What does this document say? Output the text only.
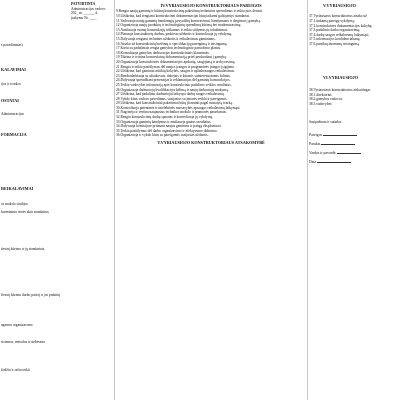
PATVIRTINTA
Administracijos vadovo
202_ m. ______ d.
įsakymu Nr. ____
s pavadinimas)
KALAVIMAI
ijos ir tvarkos
OSTATAI
Administracijos
FORMACIJA
REIKALAVIMAI
os mokslo studijos
kurmininiu teisės aktu standartus;
tiesinį kūrimo ir jų standartais,
fiesinį kūrimo darbo patirtį ir jos praktinį
agamos organizavimo
sistemas, metodus ir stebėsena
žodžiu ir raštu teikti
IV.VYRIAUSIOJO KONSTRUKTORIAUS PAREIGOS

9.Rengia naujų gaminių ir būtinų konstrukcinių pakeitimų techninius sprendimus ir teikia juos derinti.

10.Užtikrina, kad rengiami konstrukcinei dokumentacijai būtų taikomi galiojantys standartai.

11.Vadovauja naujų gaminių bandomųjų pavyzdžių konstravimui, bandymams ir diegimui į gamybą.

12.Organizuoja naujų produktų ir technologinių sprendimų kūrimą bei modernizavimą.

13.Analizuoja esamų konstrukcijų trūkumus ir teikia siūlymus jų tobulinimui.

14.Planuoja konstruktorių darbus, paskirsto užduotis ir kontroliuoja jų vykdymą.

15.Dalyvauja rengiant technines užduotis ir reikalavimus gaminiams.

16.Atsako už konstrukcinių brėžinių ir specifikacijų parengimą ir teisingumą.

17.Kartu su padaliniais rengia gamybos technologinio paruošimo planus.

18.Konsultuoja gamybos darbuotojus konstrukciniais klausimais.

19.Tikrina ir tvirtina konstrukcinę dokumentaciją prieš perduodant į gamybą.

20.Organizuoja konstrukcinės dokumentacijos apskaitą, saugojimą ir archyvavimą.

21.Rengia ir teikia pasiūlymus dėl naujos įrangos ir programinės įrangos įsigijimo.

22.Užtikrina, kad gaminiai atitiktų kokybės, saugos ir aplinkosaugos reikalavimus.

23.Bendradarbiauja su užsakovais, tiekėjais ir kitomis suinteresuotomis šalimis.

24.Dalyvauja sprendžiant pretenzijas ir reklamacijas dėl gaminių konstrukcijos.

25.Teikia vadovybei informaciją apie konstrukcinio padalinio veiklos rezultatus.

26.Organizuoja darbuotojų kvalifikacijos kėlimą ir naujų darbuotojų mokymą.

27.Užtikrina, kad padalinio darbuotojai laikytųsi darbų saugos reikalavimų.

28.Vykdo kitus vadovo pavedimus, susijusius su įmonės veikla ir pareigomis.

29.Užtikrina, kad konstrukciniai pakeitimai būtų įforminti pagal nustatytą tvarką.

30.Kontroliuoja patentinės ir intelektinės nuosavybės apsaugos reikalavimų laikymąsi.

31.Nagrinėja ir vertina naujausius technikos mokslo ir pramonės pasiekimus.

32.Rengia konstrukcinių darbų sąmatas ir kontroliuoja jų vykdymą.

33.Organizuoja gaminių bandymus ir analizuoja gautus rezultatus.

34.Dalyvauja komisijose priimant naujus gaminius ir įrangą eksploatuoti.

35.Teikia pasiūlymus dėl darbo organizavimo ir efektyvumo didinimo.

36.Organizuoja ir vykdo kitas su pareigomis susijusias užduotis.

V.VYRIAUSIOJO KONSTRUKTORIAUS ATSAKOMYBĖ
V.VYRIAUSIOJO
37.Vyriausiasis konstruktorius atsako už
37.1.tinkamą pareigų vykdymą;
37.2.konstrukcinės dokumentacijos kokybę;
37.3.padalinio darbo organizavimą;
37.4.darbų saugos reikalavimų laikymąsi;
37.5.informacijos konfidencialumą;
37.6.pateiktų duomenų teisingumą.
VI.VYRIAUSIOJO
38.Vyriausiasis konstruktorius atskaitingas
38.1.direktoriui;
38.2.gamybos vadovui;
38.3.vadovybei;
Susipažinau ir sutinku:
Pareigos
Parašas
Vardas ir pavardė
Data
